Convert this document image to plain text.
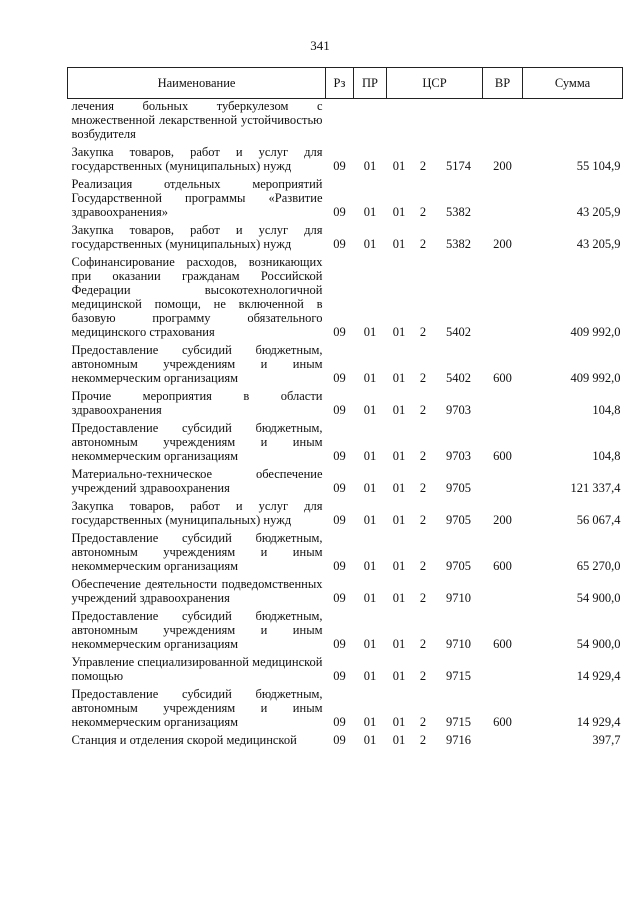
341
Наименование	Рз	ПР	ЦСР			ВР	Сумма
лечения больных туберкулезом с множественной лекарственной устойчивостью возбудителя							
Закупка товаров, работ и услуг для государственных (муниципальных) нужд	09	01	01	2	5174	200	55 104,9
Реализация отдельных мероприятий Государственной программы «Развитие здравоохранения»	09	01	01	2	5382		43 205,9
Закупка товаров, работ и услуг для государственных (муниципальных) нужд	09	01	01	2	5382	200	43 205,9
Софинансирование расходов, возникающих при оказании гражданам Российской Федерации высокотехнологичной медицинской помощи, не включенной в базовую программу обязательного медицинского страхования	09	01	01	2	5402		409 992,0
Предоставление субсидий бюджетным, автономным учреждениям и иным некоммерческим организациям	09	01	01	2	5402	600	409 992,0
Прочие мероприятия в области здравоохранения	09	01	01	2	9703		104,8
Предоставление субсидий бюджетным, автономным учреждениям и иным некоммерческим организациям	09	01	01	2	9703	600	104,8
Материально-техническое обеспечение учреждений здравоохранения	09	01	01	2	9705		121 337,4
Закупка товаров, работ и услуг для государственных (муниципальных) нужд	09	01	01	2	9705	200	56 067,4
Предоставление субсидий бюджетным, автономным учреждениям и иным некоммерческим организациям	09	01	01	2	9705	600	65 270,0
Обеспечение деятельности подведомственных учреждений здравоохранения	09	01	01	2	9710		54 900,0
Предоставление субсидий бюджетным, автономным учреждениям и иным некоммерческим организациям	09	01	01	2	9710	600	54 900,0
Управление специализированной медицинской помощью	09	01	01	2	9715		14 929,4
Предоставление субсидий бюджетным, автономным учреждениям и иным некоммерческим организациям	09	01	01	2	9715	600	14 929,4
Станция и отделения скорой медицинской	09	01	01	2	9716		397,7
